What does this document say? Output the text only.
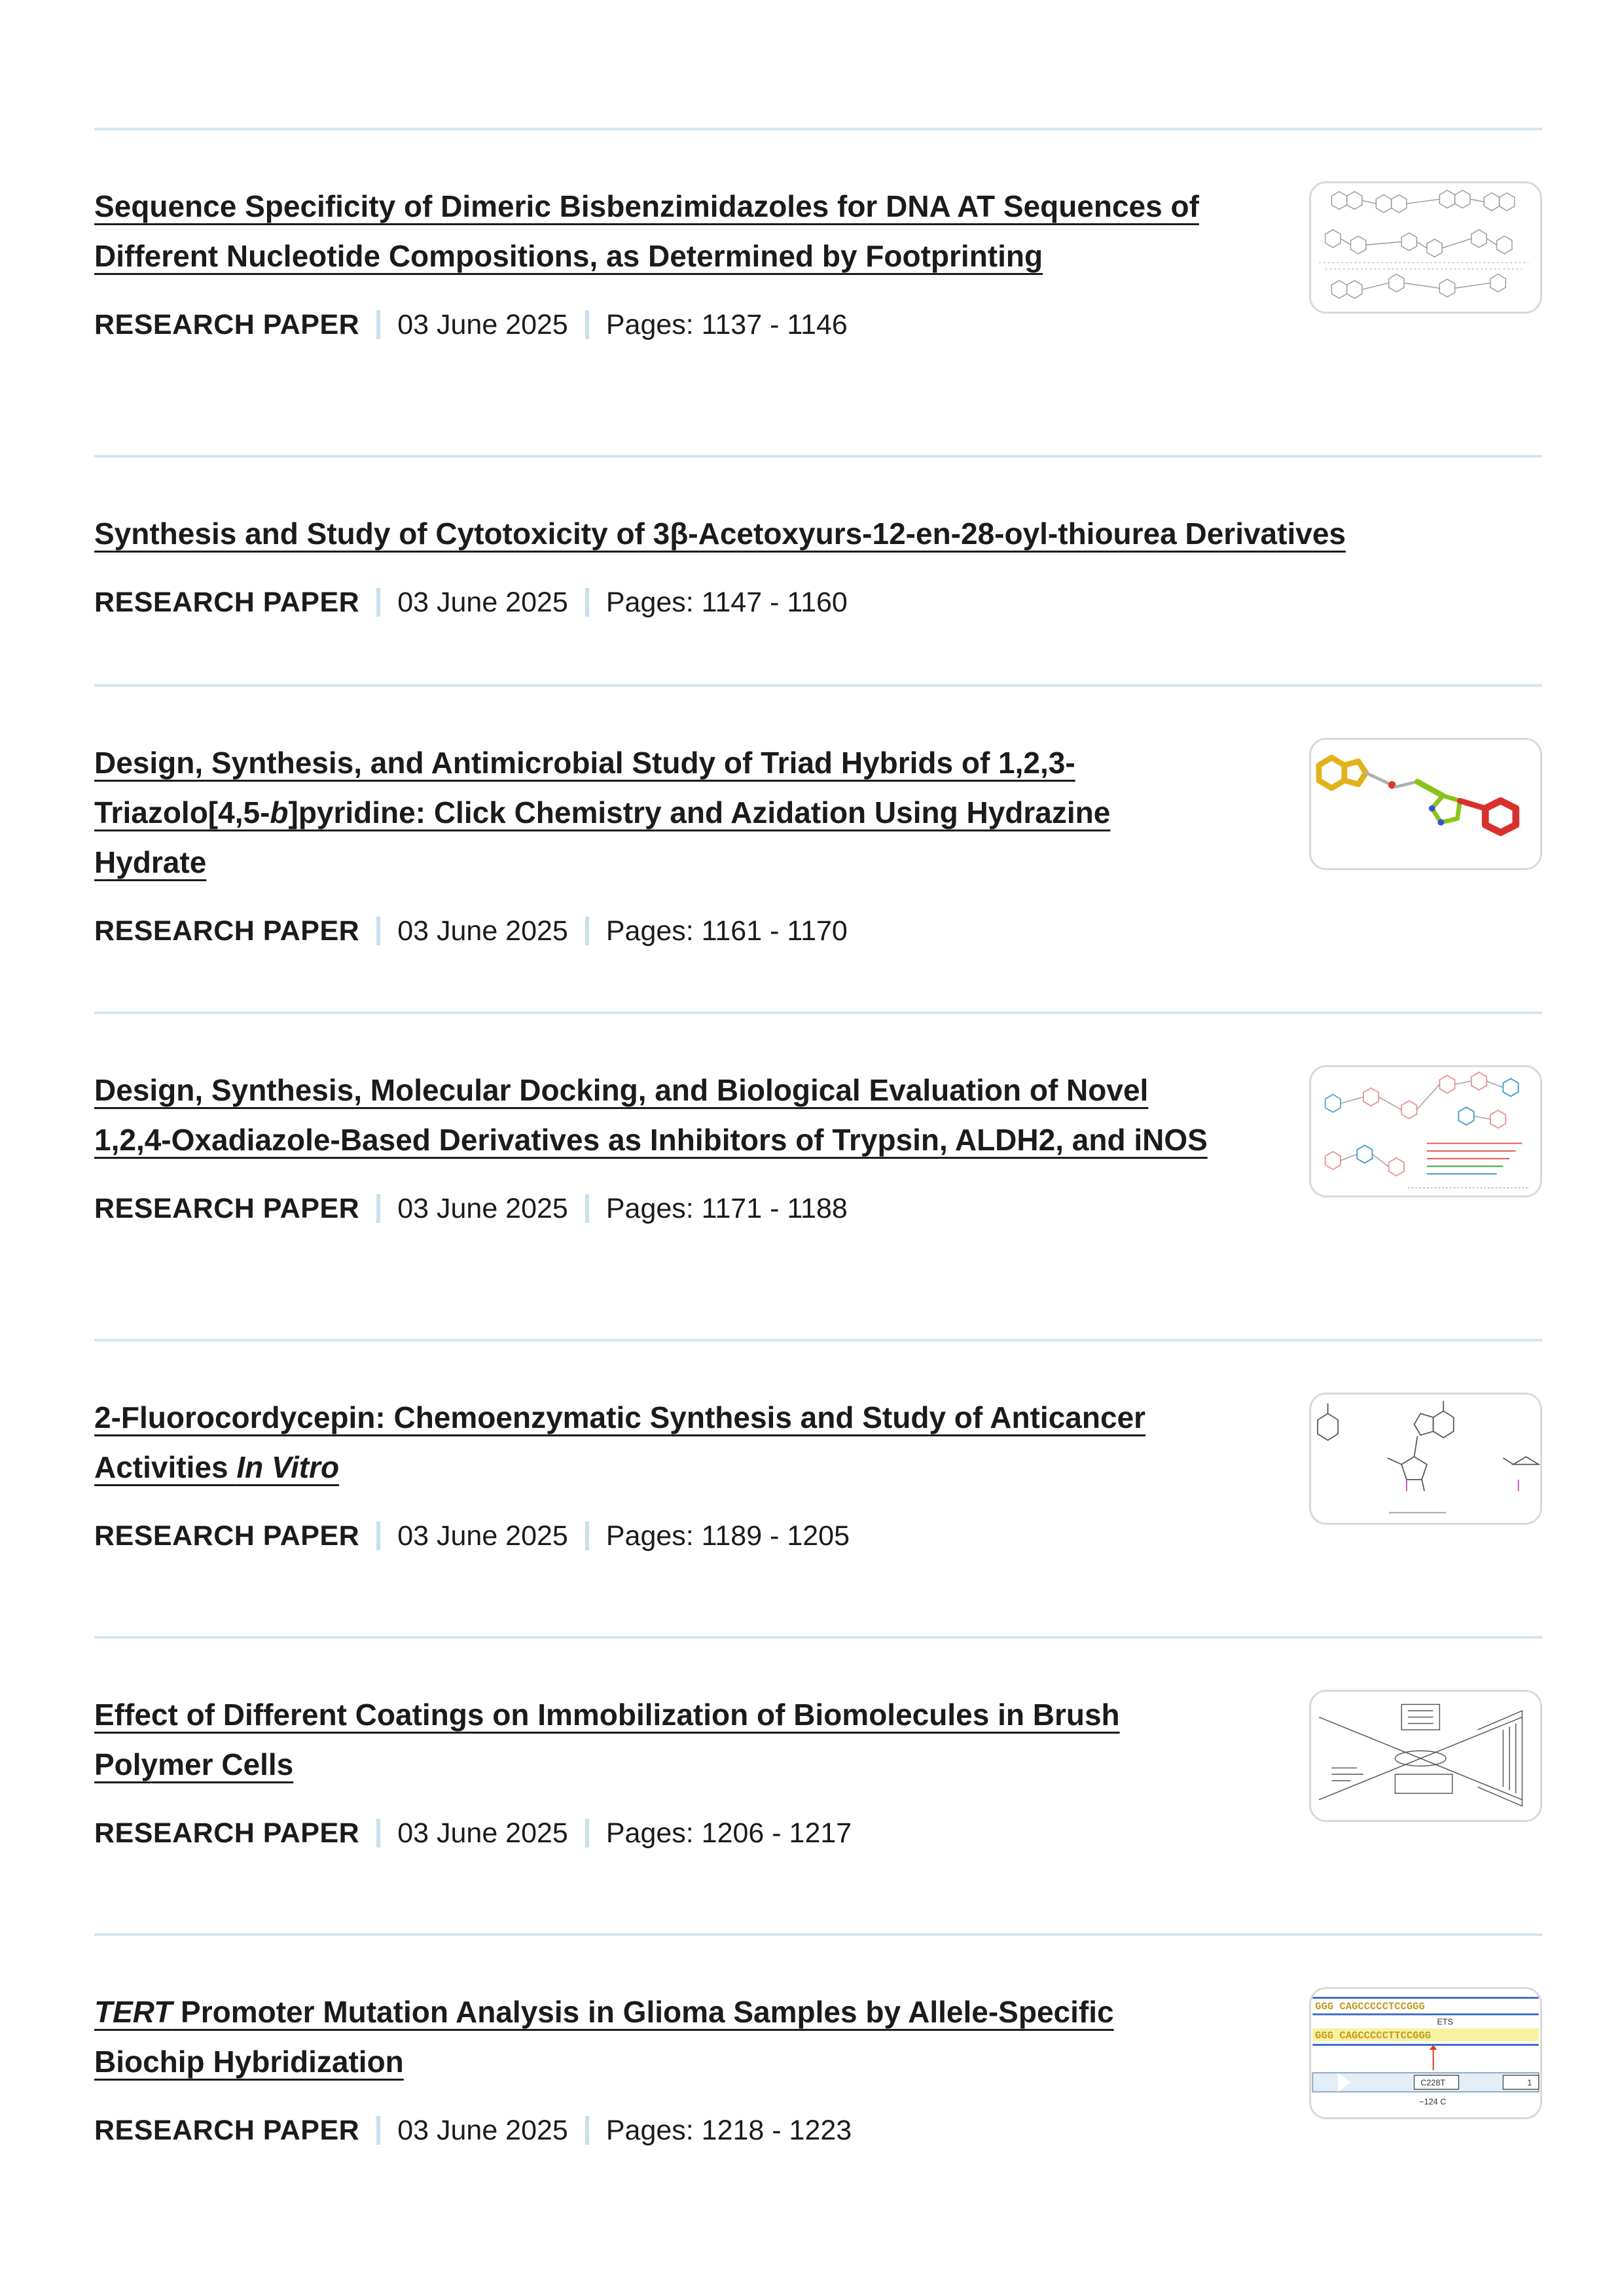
Sequence Specificity of Dimeric Bisbenzimidazoles for DNA AT Sequences of Different Nucleotide Compositions, as Determined by Footprinting
RESEARCH PAPER 03 June 2025 Pages: 1137 - 1146
Synthesis and Study of Cytotoxicity of 3β-Acetoxyurs-12-en-28-oyl-thiourea Derivatives
RESEARCH PAPER 03 June 2025 Pages: 1147 - 1160
Design, Synthesis, and Antimicrobial Study of Triad Hybrids of 1,2,3-Triazolo[4,5-b]pyridine: Click Chemistry and Azidation Using Hydrazine Hydrate
RESEARCH PAPER 03 June 2025 Pages: 1161 - 1170
Design, Synthesis, Molecular Docking, and Biological Evaluation of Novel 1,2,4-Oxadiazole-Based Derivatives as Inhibitors of Trypsin, ALDH2, and iNOS
RESEARCH PAPER 03 June 2025 Pages: 1171 - 1188
2-Fluorocordycepin: Chemoenzymatic Synthesis and Study of Anticancer Activities In Vitro
RESEARCH PAPER 03 June 2025 Pages: 1189 - 1205
Effect of Different Coatings on Immobilization of Biomolecules in Brush Polymer Cells
RESEARCH PAPER 03 June 2025 Pages: 1206 - 1217
TERT Promoter Mutation Analysis in Glioma Samples by Allele-Specific Biochip Hybridization
RESEARCH PAPER 03 June 2025 Pages: 1218 - 1223
GGG CAGCCCCCTCCGGG
GGG CAGCCCCCTTCCGGG
ETS
C228T	1
−124 C
